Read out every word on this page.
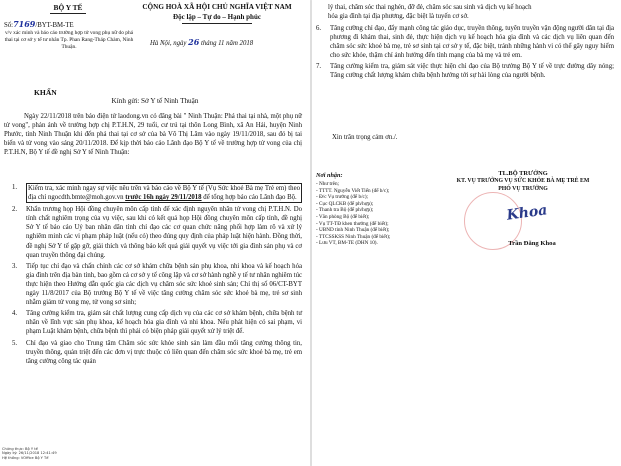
BỘ Y TẾ
Số:7169/BYT-BM-TE
v/v xác minh và báo cáo trường hợp tử vong phụ nữ do phá thai tại cơ sở y tế tư nhân Tp. Phan Rang-Tháp Chàm, Ninh Thuận.
CỘNG HOÀ XÃ HỘI CHỦ NGHĨA VIỆT NAM
Độc lập – Tự do – Hạnh phúc
Hà Nội, ngày 26 tháng 11 năm 2018
KHẨN
Kính gửi: Sở Y tế Ninh Thuận
Ngày 22/11/2018 trên báo điện tử laodong.vn có đăng bài " Ninh Thuận: Phá thai tại nhà, một phụ nữ tử vong", phản ánh về trường hợp chị P.T.H.N, 29 tuổi, cư trú tại thôn Long Bình, xã An Hải, huyện Ninh Phước, tỉnh Ninh Thuận khi đến phá thai tại cơ sở của bà Võ Thị Lâm vào ngày 19/11/2018, sau đó bị tai biến và tử vong vào sáng 20/11/2018. Để kịp thời báo cáo Lãnh đạo Bộ Y tế về trường hợp tử vong của chị P.T.H.N, Bộ Y tế đề nghị Sở Y tế Ninh Thuận:
1. Kiểm tra, xác minh ngay sự việc nêu trên và báo cáo về Bộ Y tế (Vụ Sức khoẻ Bà mẹ Trẻ em) theo địa chỉ ngocdth.bmte@moh.gov.vn trước 16h ngày 29/11/2018 để tổng hợp báo cáo Lãnh đạo Bộ.
2. Khẩn trương họp Hội đồng chuyên môn cấp tỉnh để xác định nguyên nhân tử vong chị P.T.H.N. Do tính chất nghiêm trọng của vụ việc, sau khi có kết quả họp Hội đồng chuyên môn cấp tỉnh, đề nghị Sở Y tế báo cáo Uỷ ban nhân dân tỉnh chỉ đạo các cơ quan chức năng phối hợp làm rõ và xử lý nghiêm minh các vi phạm pháp luật (nếu có) theo đúng quy định của pháp luật hiện hành. Đồng thời, đề nghị Sở Y tế gặp gỡ, giải thích và thông báo kết quả giải quyết vụ việc tới gia đình sản phụ và cơ quan truyền thông đại chúng.
3. Tiếp tục chỉ đạo và chấn chỉnh các cơ sở khám chữa bệnh sản phụ khoa, nhi khoa và kế hoạch hóa gia đình trên địa bàn tỉnh, bao gồm cả cơ sở y tế công lập và cơ sở hành nghề y tế tư nhân nghiêm túc thực hiện theo Hướng dẫn quốc gia các dịch vụ chăm sóc sức khoẻ sinh sản; Chỉ thị số 06/CT-BYT ngày 11/8/2017 của Bộ trưởng Bộ Y tế về việc tăng cường chăm sóc sức khoẻ bà mẹ, trẻ sơ sinh nhằm giảm tử vong mẹ, tử vong sơ sinh;
4. Tăng cường kiểm tra, giám sát chất lượng cung cấp dịch vụ của các cơ sở khám bệnh, chữa bệnh tư nhân về lĩnh vực sản phụ khoa, kế hoạch hóa gia đình và nhi khoa. Nếu phát hiện có sai phạm, vi phạm Luật khám bệnh, chữa bệnh thì phải có biện pháp giải quyết xử lý triệt để.
5. Chỉ đạo và giao cho Trung tâm Chăm sóc sức khỏe sinh sản làm đầu mối tăng cường thông tin, truyền thông, quản triệt đến các đơn vị trực thuộc có liên quan đến chăm sóc sức khoẻ bà mẹ, trẻ em tăng cường công tác quản
Chứng thực: Bộ Y tế
Ngày ký: 26/11/2018 12:41:49
Hệ thống: VOffice Bộ Y Tế
lý thai, chăm sóc thai nghén, đỡ đẻ, chăm sóc sau sinh và dịch vụ kế hoạch
hóa gia đình tại địa phương, đặc biệt là tuyến cơ sở.
6. Tăng cường chỉ đạo, đẩy mạnh công tác giáo dục, truyền thông, tuyên truyền vận động người dân tại địa phương đi khám thai, sinh đẻ, thực hiện dịch vụ kế hoạch hóa gia đình và các dịch vụ liên quan đến chăm sóc sức khoẻ bà mẹ, trẻ sơ sinh tại cơ sở y tế, đặc biệt, tránh những hành vi có thể gây nguy hiểm cho sức khỏe, thậm chí ảnh hưởng đến tính mạng của bà mẹ và trẻ em.
7. Tăng cường kiểm tra, giám sát việc thực hiện chỉ đạo của Bộ trưởng Bộ Y tế về trực đường dây nóng; Tăng cường chất lượng khám chữa bệnh hướng tới sự hài lòng của người bệnh.
Xin trân trọng cảm ơn./.
Nơi nhận:
- Như trên;
- TTTT. Nguyễn Viết Tiến (để b/c);
- Đ/c Vụ trưởng (để b/c);
- Cục QLCKB (để ph/hợp);
- Thanh tra Bộ (để ph/hợp);
- Văn phòng Bộ (để biết);
- Vụ TT-TĐ khen thưởng (để biết);
- UBND tỉnh Ninh Thuận (để biết);
- TTCSSKSS Ninh Thuận (để biết);
- Lưu VT, BM-TE (DHN 10).
TL.BỘ TRƯỞNG
KT. VỤ TRƯỞNG VỤ SỨC KHỎE BÀ MẸ TRẺ EM
PHÓ VỤ TRƯỞNG
Khoa
Trần Đăng Khoa
